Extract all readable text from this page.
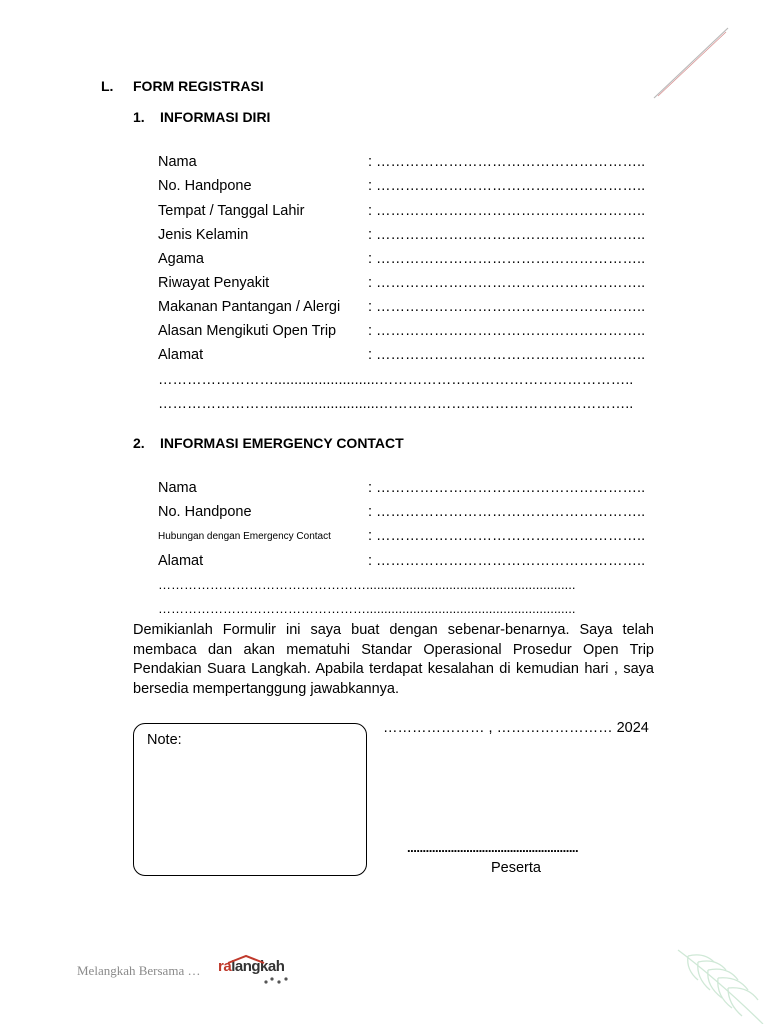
L. FORM REGISTRASI
1. INFORMASI DIRI
Nama	: ………………………………………………..
No. Handpone	: ………………………………………………..
Tempat / Tanggal Lahir	: ………………………………………………..
Jenis Kelamin	: ………………………………………………..
Agama	: ………………………………………………..
Riwayat Penyakit	: ………………………………………………..
Makanan Pantangan / Alergi : ………………………………………………..
Alasan Mengikuti Open Trip : ………………………………………………..
Alamat	: ………………………………………………..
……………………..........................……………………………………………..
……………………..........................……………………………………………..
2. INFORMASI EMERGENCY CONTACT
Nama	: ………………………………………………..
No. Handpone	: ………………………………………………..
Hubungan dengan Emergency Contact	: ………………………………………………..
Alamat	: ………………………………………………..
…………………………………………..........................................................
…………………………………………..........................................................
Demikianlah Formulir ini saya buat dengan sebenar-benarnya. Saya telah membaca dan akan mematuhi Standar Operasional Prosedur Open Trip Pendakian Suara Langkah. Apabila terdapat kesalahan di kemudian hari , saya bersedia mempertanggung jawabkannya.
Note:
………………… , …………………… 2024
.......................................................
Peserta
Melangkah Bersama … ralangkah
